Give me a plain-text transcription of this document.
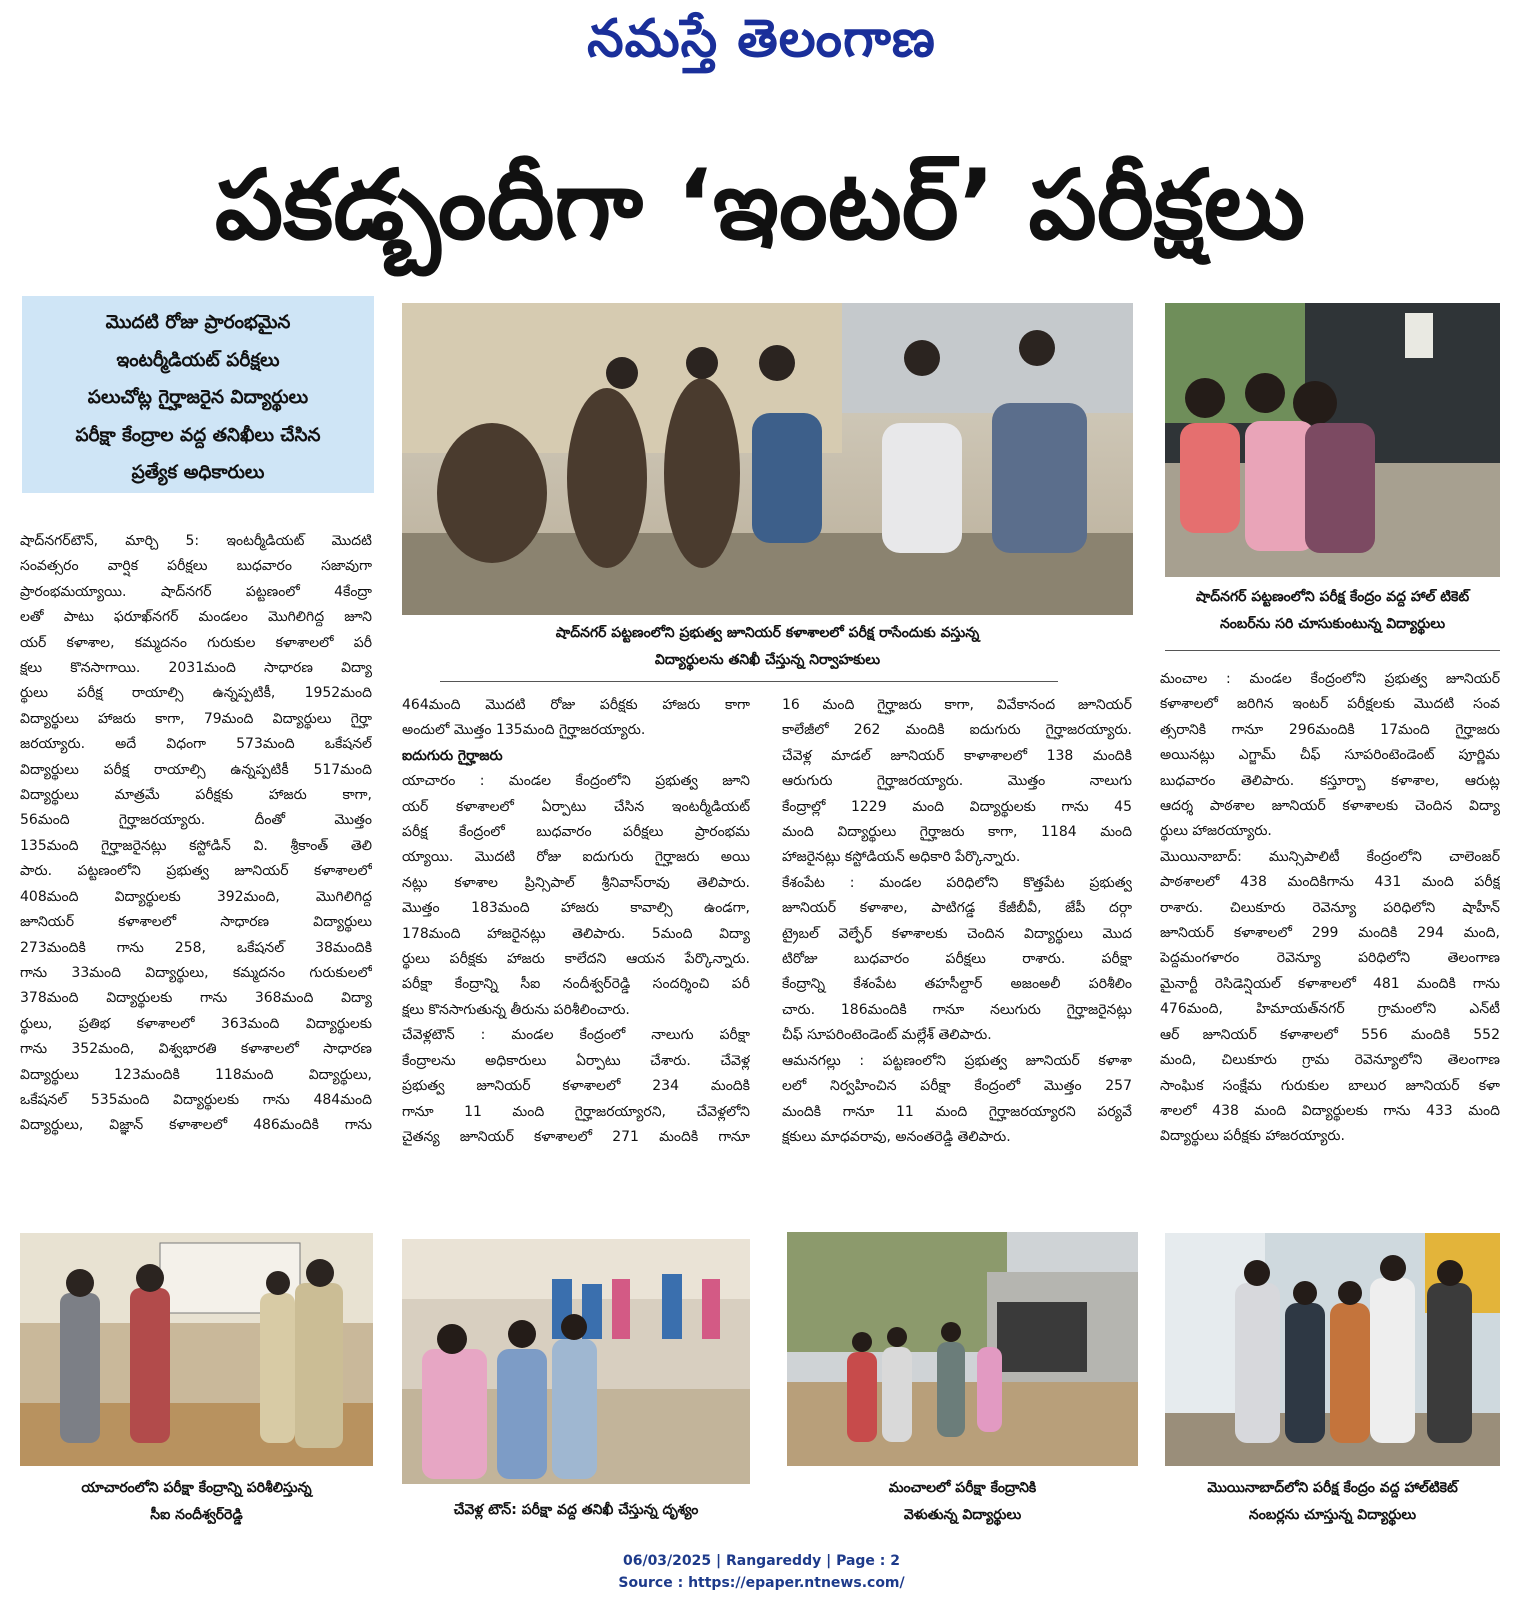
నమస్తే తెలంగాణ
పకడ్బందీగా ‘ఇంటర్’ పరీక్షలు
మొదటి రోజు ప్రారంభమైన
ఇంటర్మీడియట్ పరీక్షలు
పలుచోట్ల గైర్హాజరైన విద్యార్థులు
పరీక్షా కేంద్రాల వద్ద తనిఖీలు చేసిన
ప్రత్యేక అధికారులు
షాద్‌నగర్ పట్టణంలోని ప్రభుత్వ జూనియర్ కళాశాలలో పరీక్ష రాసేందుకు వస్తున్న
విద్యార్థులను తనిఖీ చేస్తున్న నిర్వాహకులు
షాద్‌నగర్ పట్టణంలోని పరీక్ష కేంద్రం వద్ద హాల్ టికెట్
నంబర్‌ను సరి చూసుకుంటున్న విద్యార్థులు
షాద్‌నగర్‌టౌన్, మార్చి 5: ఇంటర్మీడియట్ మొదటి
సంవత్సరం వార్షిక పరీక్షలు బుధవారం సజావుగా
ప్రారంభమయ్యాయి. షాద్‌నగర్ పట్టణంలో 4కేంద్రా
లతో పాటు ఫరూఖ్‌నగర్ మండలం మొగిలిగిద్ద జూని
యర్ కళాశాల, కమ్మదనం గురుకుల కళాశాలలో పరీ
క్షలు కొనసాగాయి. 2031మంది సాధారణ విద్యా
ర్థులు పరీక్ష రాయాల్సి ఉన్నప్పటికీ, 1952మంది
విద్యార్థులు హాజరు కాగా, 79మంది విద్యార్థులు గైర్హా
జరయ్యారు. అదే విధంగా 573మంది ఒకేషనల్
విద్యార్థులు పరీక్ష రాయాల్సి ఉన్నప్పటికీ 517మంది
విద్యార్థులు మాత్రమే పరీక్షకు హాజరు కాగా,
56మంది గైర్హాజరయ్యారు. దీంతో మొత్తం
135మంది గైర్హాజరైనట్లు కస్టోడిన్ వి. శ్రీకాంత్ తెలి
పారు. పట్టణంలోని ప్రభుత్వ జూనియర్ కళాశాలలో
408మంది విద్యార్థులకు 392మంది, మొగిలిగిద్ద
జూనియర్ కళాశాలలో సాధారణ విద్యార్థులు
273మందికి గాను 258, ఒకేషనల్ 38మందికి
గాను 33మంది విద్యార్థులు, కమ్మదనం గురుకులలో
378మంది విద్యార్థులకు గాను 368మంది విద్యా
ర్థులు, ప్రతిభ కళాశాలలో 363మంది విద్యార్థులకు
గాను 352మంది, విశ్వభారతి కళాశాలలో సాధారణ
విద్యార్థులు 123మందికి 118మంది విద్యార్థులు,
ఒకేషనల్ 535మంది విద్యార్థులకు గాను 484మంది
విద్యార్థులు, విజ్ఞాన్ కళాశాలలో 486మందికి గాను
464మంది మొదటి రోజు పరీక్షకు హాజరు కాగా
అందులో మొత్తం 135మంది గైర్హాజరయ్యారు.
ఐదుగురు గైర్హాజరు
యాచారం : మండల కేంద్రంలోని ప్రభుత్వ జూని
యర్ కళాశాలలో ఏర్పాటు చేసిన ఇంటర్మీడియట్
పరీక్ష కేంద్రంలో బుధవారం పరీక్షలు ప్రారంభమ
య్యాయి. మొదటి రోజు ఐదుగురు గైర్హాజరు అయి
నట్లు కళాశాల ప్రిన్సిపాల్ శ్రీనివాస్‌రావు తెలిపారు.
మొత్తం 183మంది హాజరు కావాల్సి ఉండగా,
178మంది హాజరైనట్లు తెలిపారు. 5మంది విద్యా
ర్థులు పరీక్షకు హాజరు కాలేదని ఆయన పేర్కొన్నారు.
పరీక్షా కేంద్రాన్ని సీఐ నందీశ్వర్‌రెడ్డి సందర్శించి పరీ
క్షలు కొనసాగుతున్న తీరును పరిశీలించారు.
చేవెళ్లటౌన్ : మండల కేంద్రంలో నాలుగు పరీక్షా
కేంద్రాలను అధికారులు ఏర్పాటు చేశారు. చేవెళ్ల
ప్రభుత్వ జూనియర్ కళాశాలలో 234 మందికి
గానూ 11 మంది గైర్హాజరయ్యారని, చేవెళ్లలోని
చైతన్య జూనియర్ కళాశాలలో 271 మందికి గానూ
16 మంది గైర్హాజరు కాగా, వివేకానంద జూనియర్
కాలేజీలో 262 మందికి ఐదుగురు గైర్హాజరయ్యారు.
చేవెళ్ల మాడల్ జూనియర్ కాళాశాలలో 138 మందికి
ఆరుగురు గైర్హాజరయ్యారు. మొత్తం నాలుగు
కేంద్రాల్లో 1229 మంది విద్యార్థులకు గాను 45
మంది విద్యార్థులు గైర్హాజరు కాగా, 1184 మంది
హాజరైనట్లు కస్టోడియన్ అధికారి పేర్కొన్నారు.
కేశంపేట : మండల పరిధిలోని కొత్తపేట ప్రభుత్వ
జూనియర్ కళాశాల, పాటిగడ్డ కేజీబీవీ, జేపీ దర్గా
ట్రైబల్ వెల్ఫేర్ కళాశాలకు చెందిన విద్యార్థులు మొద
టిరోజు బుధవారం పరీక్షలు రాశారు. పరీక్షా
కేంద్రాన్ని కేశంపేట తహసీల్దార్ అజంఅలీ పరిశీలిం
చారు. 186మందికి గానూ నలుగురు గైర్హాజరైనట్లు
చీఫ్ సూపరింటెండెంట్ మల్లేశ్ తెలిపారు.
ఆమనగల్లు : పట్టణంలోని ప్రభుత్వ జూనియర్ కళాశా
లలో నిర్వహించిన పరీక్షా కేంద్రంలో మొత్తం 257
మందికి గానూ 11 మంది గైర్హాజరయ్యారని పర్యవే
క్షకులు మాధవరావు, అనంతరెడ్డి తెలిపారు.
మంచాల : మండల కేంద్రంలోని ప్రభుత్వ జూనియర్
కళాశాలలో జరిగిన ఇంటర్ పరీక్షలకు మొదటి సంవ
త్సరానికి గానూ 296మందికి 17మంది గైర్హాజరు
అయినట్లు ఎగ్జామ్ చీఫ్ సూపరింటెండెంట్ పూర్ణిమ
బుధవారం తెలిపారు. కస్తూర్బా కళాశాల, ఆరుట్ల
ఆదర్శ పాఠశాల జూనియర్ కళాశాలకు చెందిన విద్యా
ర్థులు హాజరయ్యారు.
మొయినాబాద్: మున్సిపాలిటీ కేంద్రంలోని చాలెంజర్
పాఠశాలలో 438 మందికిగాను 431 మంది పరీక్ష
రాశారు. చిలుకూరు రెవెన్యూ పరిధిలోని షాహీన్
జూనియర్ కళాశాలలో 299 మందికి 294 మంది,
పెద్దమంగళారం రెవెన్యూ పరిధిలోని తెలంగాణ
మైనార్టీ రెసిడెన్షియల్ కళాశాలలో 481 మందికి గాను
476మంది, హిమాయత్‌నగర్ గ్రామంలోని ఎన్‌టీ
ఆర్ జూనియర్ కళాశాలలో 556 మందికి 552
మంది, చిలుకూరు గ్రామ రెవెన్యూలోని తెలంగాణ
సాంఘిక సంక్షేమ గురుకుల బాలుర జూనియర్ కళా
శాలలో 438 మంది విద్యార్థులకు గాను 433 మంది
విద్యార్థులు పరీక్షకు హాజరయ్యారు.
యాచారంలోని పరీక్షా కేంద్రాన్ని పరిశీలిస్తున్న
సీఐ నందీశ్వర్‌రెడ్డి	చేవెళ్ల టౌన్: పరీక్షా వద్ద తనిఖీ చేస్తున్న దృశ్యం
మంచాలలో పరీక్షా కేంద్రానికి
వెళుతున్న విద్యార్థులు
మొయినాబాద్‌లోని పరీక్ష కేంద్రం వద్ద హాల్‌టికెట్
నంబర్లను చూస్తున్న విద్యార్థులు
06/03/2025 | Rangareddy | Page : 2
Source : https://epaper.ntnews.com/
